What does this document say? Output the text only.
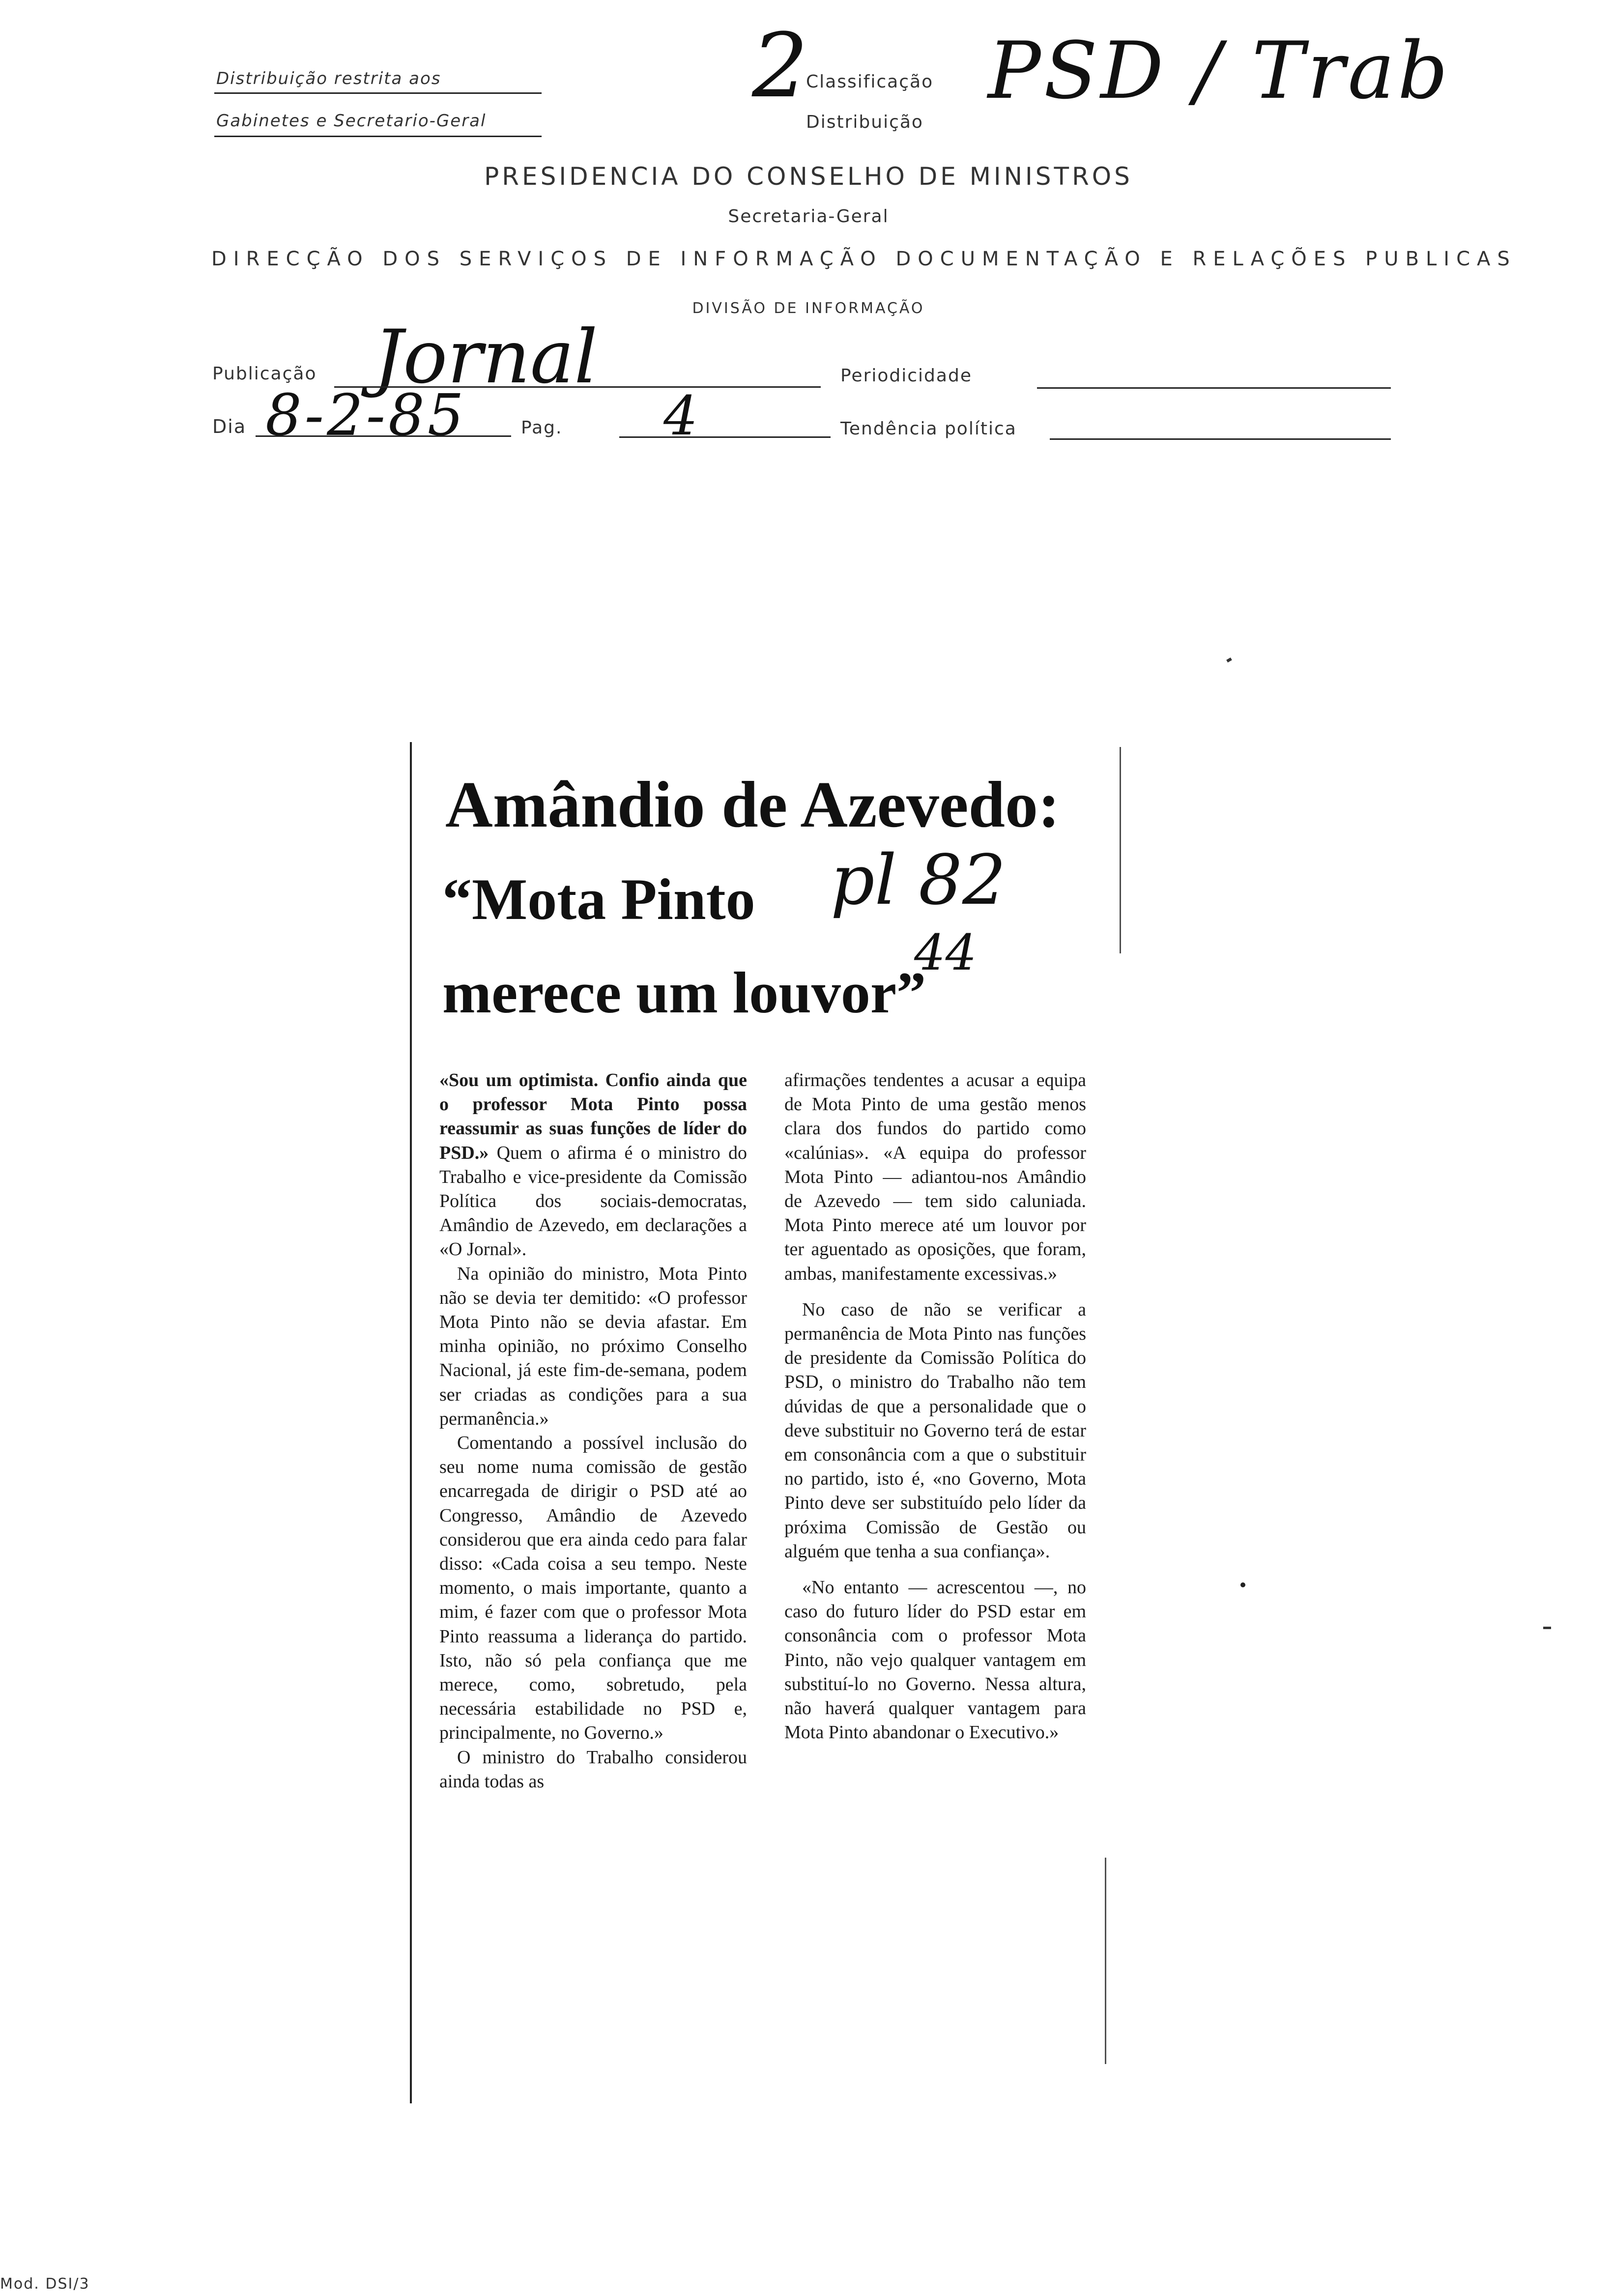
Distribuição restrita aos
Gabinetes e Secretario-Geral
2
Classificação
Distribuição
PSD / Trab
PRESIDENCIA DO CONSELHO DE MINISTROS
Secretaria-Geral
DIRECÇÃO DOS SERVIÇOS DE INFORMAÇÃO DOCUMENTAÇÃO E RELAÇÕES PUBLICAS
DIVISÃO DE INFORMAÇÃO
Publicação Jornal	Periodicidade
Dia 8-2-85	Pag. 4	Tendência política
Amândio de Azevedo:
“Mota Pinto
merece um louvor”
pl 82
44

«Sou um optimista. Confio ainda que o professor Mota Pinto possa reassumir as suas funções de líder do PSD.» Quem o afirma é o ministro do Trabalho e vice-presidente da Comissão Política dos sociais-democratas, Amândio de Azevedo, em declarações a «O Jornal».

Na opinião do ministro, Mota Pinto não se devia ter demitido: «O professor Mota Pinto não se devia afastar. Em minha opinião, no próximo Conselho Nacional, já este fim-de-semana, podem ser criadas as condições para a sua permanência.»

Comentando a possível inclusão do seu nome numa comissão de gestão encarregada de dirigir o PSD até ao Congresso, Amândio de Azevedo considerou que era ainda cedo para falar disso: «Cada coisa a seu tempo. Neste momento, o mais importante, quanto a mim, é fazer com que o professor Mota Pinto reassuma a liderança do partido. Isto, não só pela confiança que me merece, como, sobretudo, pela necessária estabilidade no PSD e, principalmente, no Governo.»

O ministro do Trabalho considerou ainda todas as

afirmações tendentes a acusar a equipa de Mota Pinto de uma gestão menos clara dos fundos do partido como «calúnias». «A equipa do professor Mota Pinto — adiantou-nos Amândio de Azevedo — tem sido caluniada. Mota Pinto merece até um louvor por ter aguentado as oposições, que foram, ambas, manifestamente excessivas.»

No caso de não se verificar a permanência de Mota Pinto nas funções de presidente da Comissão Política do PSD, o ministro do Trabalho não tem dúvidas de que a personalidade que o deve substituir no Governo terá de estar em consonância com a que o substituir no partido, isto é, «no Governo, Mota Pinto deve ser substituído pelo líder da próxima Comissão de Gestão ou alguém que tenha a sua confiança».

«No entanto — acrescentou —, no caso do futuro líder do PSD estar em consonância com o professor Mota Pinto, não vejo qualquer vantagem em substituí-lo no Governo. Nessa altura, não haverá qualquer vantagem para Mota Pinto abandonar o Executivo.»

Mod. DSI/3
